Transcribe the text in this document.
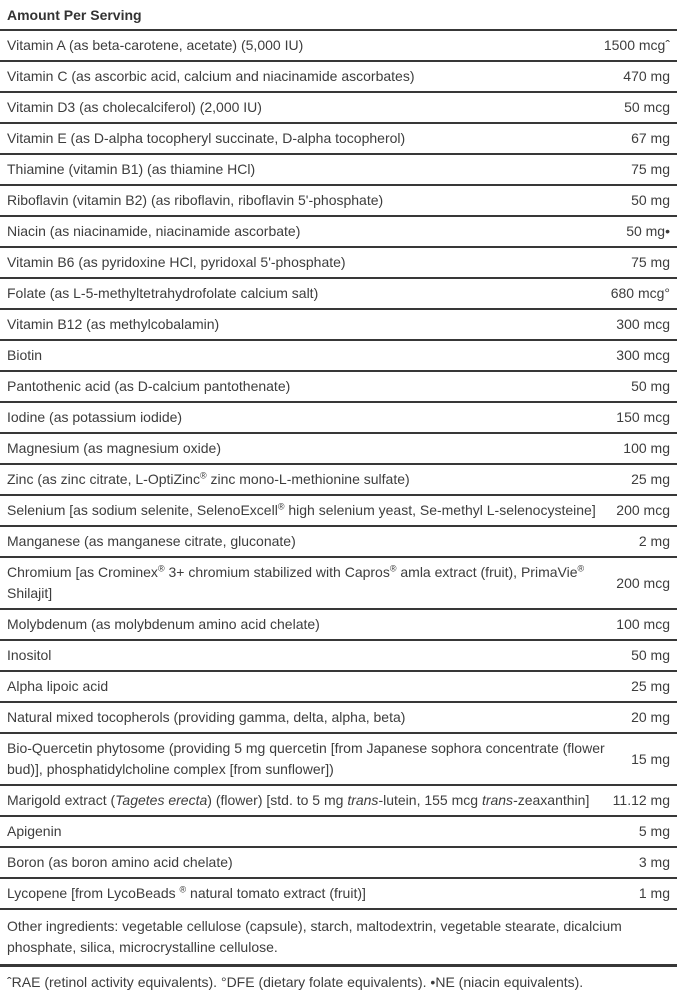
Amount Per Serving
Vitamin A (as beta-carotene, acetate) (5,000 IU)	1500 mcgˆ
Vitamin C (as ascorbic acid, calcium and niacinamide ascorbates)	470 mg
Vitamin D3 (as cholecalciferol) (2,000 IU)	50 mcg
Vitamin E (as D-alpha tocopheryl succinate, D-alpha tocopherol)	67 mg
Thiamine (vitamin B1) (as thiamine HCl)	75 mg
Riboflavin (vitamin B2) (as riboflavin, riboflavin 5'-phosphate)	50 mg
Niacin (as niacinamide, niacinamide ascorbate)	50 mg•
Vitamin B6 (as pyridoxine HCl, pyridoxal 5'-phosphate)	75 mg
Folate (as L-5-methyltetrahydrofolate calcium salt)	680 mcg°
Vitamin B12 (as methylcobalamin)	300 mcg
Biotin	300 mcg
Pantothenic acid (as D-calcium pantothenate)	50 mg
Iodine (as potassium iodide)	150 mcg
Magnesium (as magnesium oxide)	100 mg
Zinc (as zinc citrate, L-OptiZinc® zinc mono-L-methionine sulfate)	25 mg
Selenium [as sodium selenite, SelenoExcell® high selenium yeast, Se-methyl L-selenocysteine]	200 mcg
Manganese (as manganese citrate, gluconate)	2 mg
Chromium [as Crominex® 3+ chromium stabilized with Capros® amla extract (fruit), PrimaVie® Shilajit]
200 mcg
Molybdenum (as molybdenum amino acid chelate)	100 mcg
Inositol	50 mg
Alpha lipoic acid	25 mg
Natural mixed tocopherols (providing gamma, delta, alpha, beta)	20 mg
Bio-Quercetin phytosome (providing 5 mg quercetin [from Japanese sophora concentrate (flower bud)], phosphatidylcholine complex [from sunflower])
15 mg
Marigold extract (Tagetes erecta) (flower) [std. to 5 mg trans-lutein, 155 mcg trans-zeaxanthin]	11.12 mg
Apigenin	5 mg
Boron (as boron amino acid chelate)	3 mg
Lycopene [from LycoBeads ® natural tomato extract (fruit)]	1 mg
Other ingredients: vegetable cellulose (capsule), starch, maltodextrin, vegetable stearate, dicalcium phosphate, silica, microcrystalline cellulose.
ˆRAE (retinol activity equivalents). °DFE (dietary folate equivalents). •NE (niacin equivalents).
